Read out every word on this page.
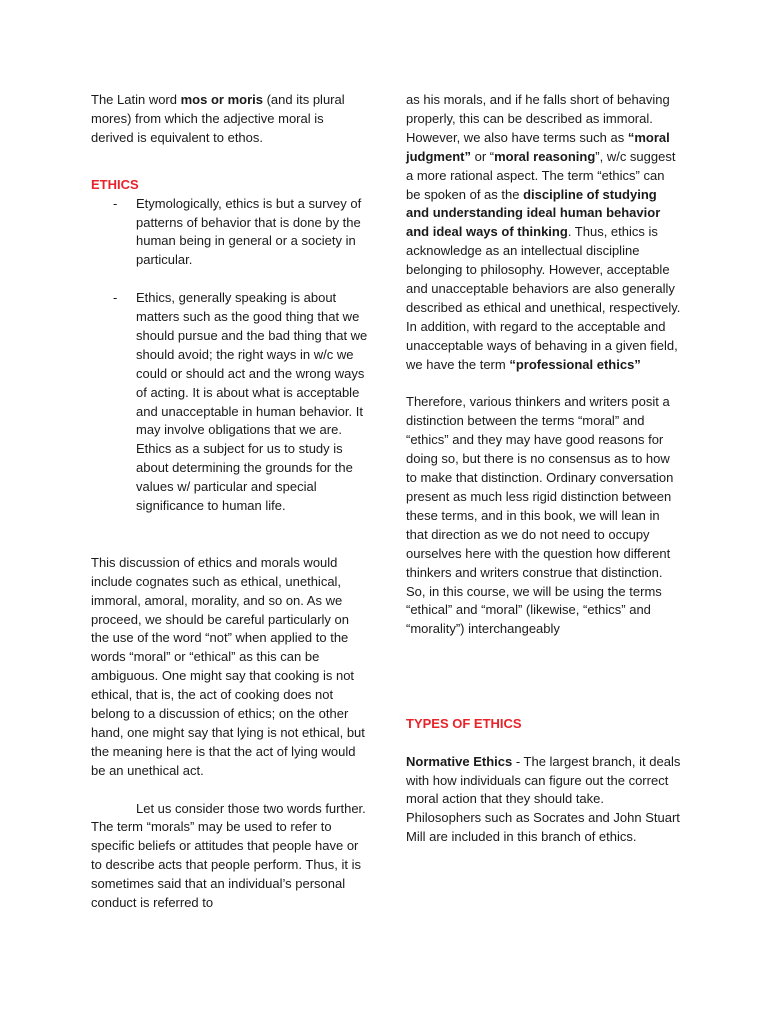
The Latin word mos or moris (and its plural mores) from which the adjective moral is derived is equivalent to ethos.

ETHICS

- Etymologically, ethics is but a survey of patterns of behavior that is done by the human being in general or a society in particular.
- Ethics, generally speaking is about matters such as the good thing that we should pursue and the bad thing that we should avoid; the right ways in w/c we could or should act and the wrong ways of acting. It is about what is acceptable and unacceptable in human behavior. It may involve obligations that we are. Ethics as a subject for us to study is about determining the grounds for the values w/ particular and special significance to human life.

This discussion of ethics and morals would include cognates such as ethical, unethical, immoral, amoral, morality, and so on. As we proceed, we should be careful particularly on the use of the word “not” when applied to the words “moral” or “ethical” as this can be ambiguous. One might say that cooking is not ethical, that is, the act of cooking does not belong to a discussion of ethics; on the other hand, one might say that lying is not ethical, but the meaning here is that the act of lying would be an unethical act.

Let us consider those two words further. The term “morals” may be used to refer to specific beliefs or attitudes that people have or to describe acts that people perform. Thus, it is sometimes said that an individual’s personal conduct is referred to

as his morals, and if he falls short of behaving properly, this can be described as immoral. However, we also have terms such as “moral judgment” or “moral reasoning”, w/c suggest a more rational aspect. The term “ethics” can be spoken of as the discipline of studying and understanding ideal human behavior and ideal ways of thinking. Thus, ethics is acknowledge as an intellectual discipline belonging to philosophy. However, acceptable and unacceptable behaviors are also generally described as ethical and unethical, respectively. In addition, with regard to the acceptable and unacceptable ways of behaving in a given field, we have the term “professional ethics”

Therefore, various thinkers and writers posit a distinction between the terms “moral” and “ethics” and they may have good reasons for doing so, but there is no consensus as to how to make that distinction. Ordinary conversation present as much less rigid distinction between these terms, and in this book, we will lean in that direction as we do not need to occupy ourselves here with the question how different thinkers and writers construe that distinction. So, in this course, we will be using the terms “ethical” and “moral” (likewise, “ethics” and “morality”) interchangeably

TYPES OF ETHICS

Normative Ethics - The largest branch, it deals with how individuals can figure out the correct moral action that they should take. Philosophers such as Socrates and John Stuart Mill are included in this branch of ethics.
